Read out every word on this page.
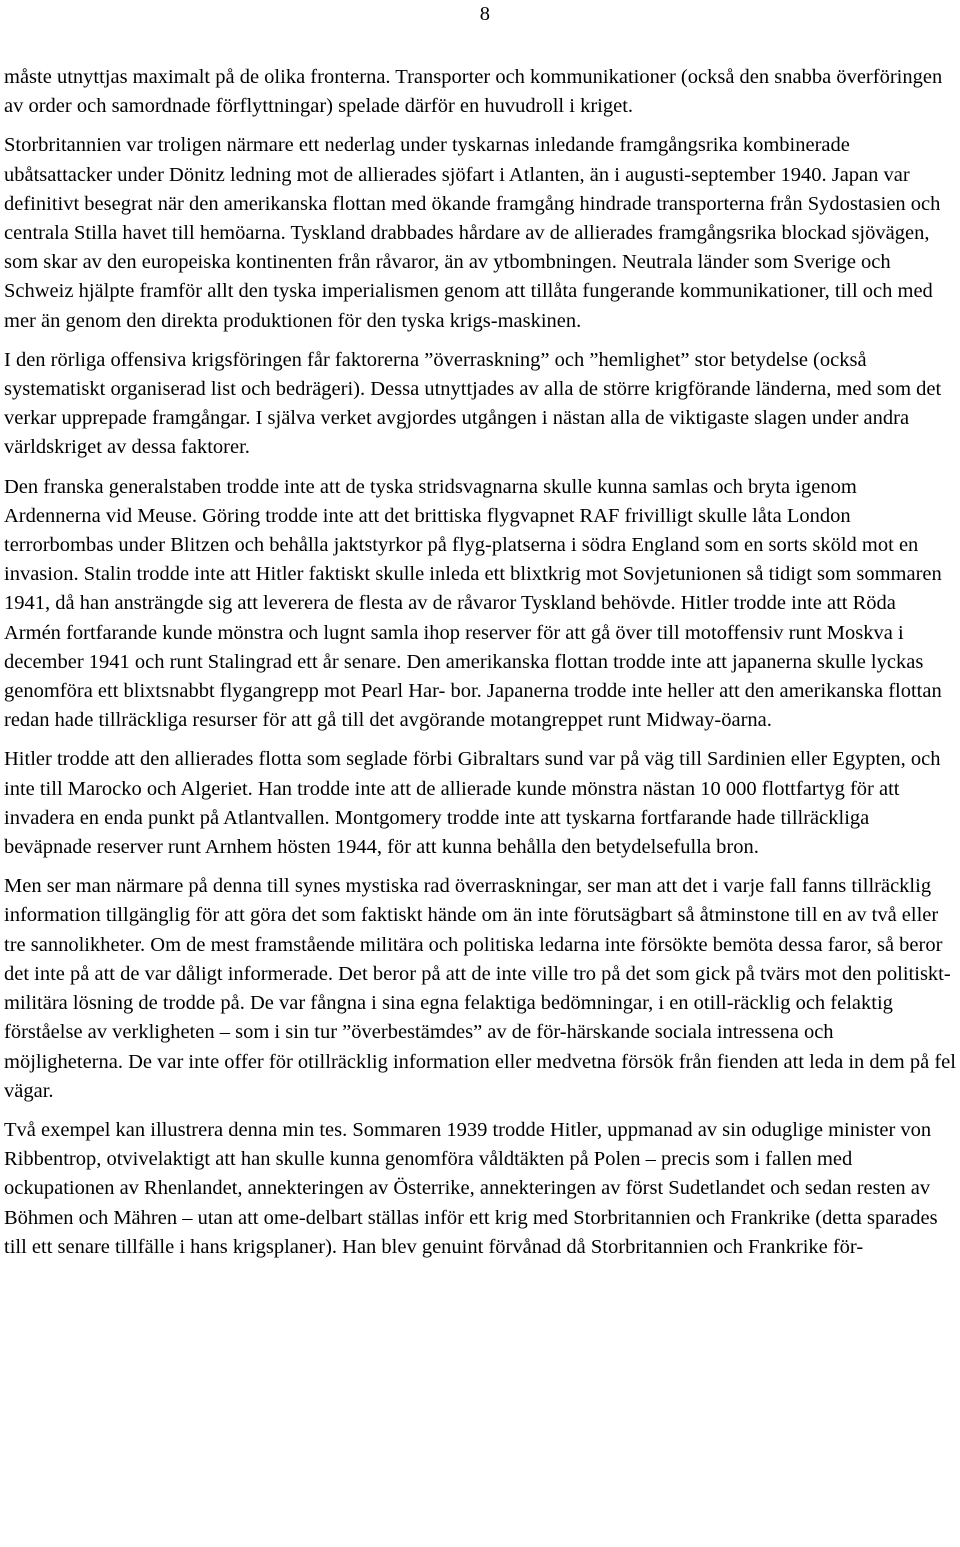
8

måste utnyttjas maximalt på de olika fronterna. Transporter och kommunikationer (också den snabba överföringen av order och samordnade förflyttningar) spelade därför en huvudroll i kriget.

Storbritannien var troligen närmare ett nederlag under tyskarnas inledande framgångsrika kombinerade ubåtsattacker under Dönitz ledning mot de allierades sjöfart i Atlanten, än i augusti-september 1940. Japan var definitivt besegrat när den amerikanska flottan med ökande framgång hindrade transporterna från Sydostasien och centrala Stilla havet till hemöarna. Tyskland drabbades hårdare av de allierades framgångsrika blockad sjövägen, som skar av den europeiska kontinenten från råvaror, än av ytbombningen. Neutrala länder som Sverige och Schweiz hjälpte framför allt den tyska imperialismen genom att tillåta fungerande kommunikationer, till och med mer än genom den direkta produktionen för den tyska krigs-maskinen.

I den rörliga offensiva krigsföringen får faktorerna ”överraskning” och ”hemlighet” stor betydelse (också systematiskt organiserad list och bedrägeri). Dessa utnyttjades av alla de större krigförande länderna, med som det verkar upprepade framgångar. I själva verket avgjordes utgången i nästan alla de viktigaste slagen under andra världskriget av dessa faktorer.

Den franska generalstaben trodde inte att de tyska stridsvagnarna skulle kunna samlas och bryta igenom Ardennerna vid Meuse. Göring trodde inte att det brittiska flygvapnet RAF frivilligt skulle låta London terrorbombas under Blitzen och behålla jaktstyrkor på flyg-platserna i södra England som en sorts sköld mot en invasion. Stalin trodde inte att Hitler faktiskt skulle inleda ett blixtkrig mot Sovjetunionen så tidigt som sommaren 1941, då han ansträngde sig att leverera de flesta av de råvaror Tyskland behövde. Hitler trodde inte att Röda Armén fortfarande kunde mönstra och lugnt samla ihop reserver för att gå över till motoffensiv runt Moskva i december 1941 och runt Stalingrad ett år senare. Den amerikanska flottan trodde inte att japanerna skulle lyckas genomföra ett blixtsnabbt flygangrepp mot Pearl Har- bor. Japanerna trodde inte heller att den amerikanska flottan redan hade tillräckliga resurser för att gå till det avgörande motangreppet runt Midway-öarna.

Hitler trodde att den allierades flotta som seglade förbi Gibraltars sund var på väg till Sardinien eller Egypten, och inte till Marocko och Algeriet. Han trodde inte att de allierade kunde mönstra nästan 10 000 flottfartyg för att invadera en enda punkt på Atlantvallen. Montgomery trodde inte att tyskarna fortfarande hade tillräckliga beväpnade reserver runt Arnhem hösten 1944, för att kunna behålla den betydelsefulla bron.

Men ser man närmare på denna till synes mystiska rad överraskningar, ser man att det i varje fall fanns tillräcklig information tillgänglig för att göra det som faktiskt hände om än inte förutsägbart så åtminstone till en av två eller tre sannolikheter. Om de mest framstående militära och politiska ledarna inte försökte bemöta dessa faror, så beror det inte på att de var dåligt informerade. Det beror på att de inte ville tro på det som gick på tvärs mot den politiskt-militära lösning de trodde på. De var fångna i sina egna felaktiga bedömningar, i en otill-räcklig och felaktig förståelse av verkligheten – som i sin tur ”överbestämdes” av de för-härskande sociala intressena och möjligheterna. De var inte offer för otillräcklig information eller medvetna försök från fienden att leda in dem på fel vägar.

Två exempel kan illustrera denna min tes. Sommaren 1939 trodde Hitler, uppmanad av sin oduglige minister von Ribbentrop, otvivelaktigt att han skulle kunna genomföra våldtäkten på Polen – precis som i fallen med ockupationen av Rhenlandet, annekteringen av Österrike, annekteringen av först Sudetlandet och sedan resten av Böhmen och Mähren – utan att ome-delbart ställas inför ett krig med Storbritannien och Frankrike (detta sparades till ett senare tillfälle i hans krigsplaner). Han blev genuint förvånad då Storbritannien och Frankrike för-
